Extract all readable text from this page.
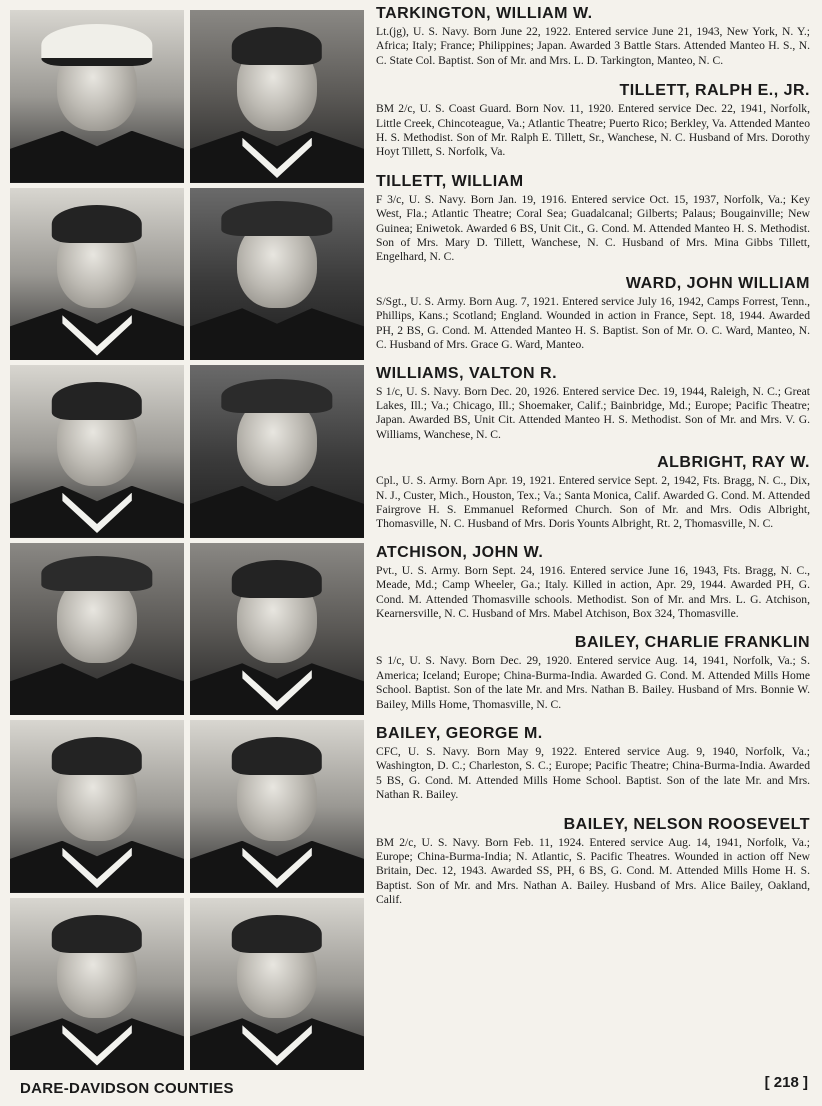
TARKINGTON, WILLIAM W.

Lt.(jg), U. S. Navy. Born June 22, 1922. Entered service June 21, 1943, New York, N. Y.; Africa; Italy; France; Philippines; Japan. Awarded 3 Battle Stars. Attended Manteo H. S., N. C. State Col. Baptist. Son of Mr. and Mrs. L. D. Tarkington, Manteo, N. C.

TILLETT, RALPH E., JR.

BM 2/c, U. S. Coast Guard. Born Nov. 11, 1920. Entered service Dec. 22, 1941, Norfolk, Little Creek, Chincoteague, Va.; Atlantic Theatre; Puerto Rico; Berkley, Va. Attended Manteo H. S. Methodist. Son of Mr. Ralph E. Tillett, Sr., Wanchese, N. C. Husband of Mrs. Dorothy Hoyt Tillett, S. Norfolk, Va.

TILLETT, WILLIAM

F 3/c, U. S. Navy. Born Jan. 19, 1916. Entered service Oct. 15, 1937, Norfolk, Va.; Key West, Fla.; Atlantic Theatre; Coral Sea; Guadalcanal; Gilberts; Palaus; Bougainville; New Guinea; Eniwetok. Awarded 6 BS, Unit Cit., G. Cond. M. Attended Manteo H. S. Methodist. Son of Mrs. Mary D. Tillett, Wanchese, N. C. Husband of Mrs. Mina Gibbs Tillett, Engelhard, N. C.

WARD, JOHN WILLIAM

S/Sgt., U. S. Army. Born Aug. 7, 1921. Entered service July 16, 1942, Camps Forrest, Tenn., Phillips, Kans.; Scotland; England. Wounded in action in France, Sept. 18, 1944. Awarded PH, 2 BS, G. Cond. M. Attended Manteo H. S. Baptist. Son of Mr. O. C. Ward, Manteo, N. C. Husband of Mrs. Grace G. Ward, Manteo.

WILLIAMS, VALTON R.

S 1/c, U. S. Navy. Born Dec. 20, 1926. Entered service Dec. 19, 1944, Raleigh, N. C.; Great Lakes, Ill.; Va.; Chicago, Ill.; Shoemaker, Calif.; Bainbridge, Md.; Europe; Pacific Theatre; Japan. Awarded BS, Unit Cit. Attended Manteo H. S. Methodist. Son of Mr. and Mrs. V. G. Williams, Wanchese, N. C.

ALBRIGHT, RAY W.

Cpl., U. S. Army. Born Apr. 19, 1921. Entered service Sept. 2, 1942, Fts. Bragg, N. C., Dix, N. J., Custer, Mich., Houston, Tex.; Va.; Santa Monica, Calif. Awarded G. Cond. M. Attended Fairgrove H. S. Emmanuel Reformed Church. Son of Mr. and Mrs. Odis Albright, Thomasville, N. C. Husband of Mrs. Doris Younts Albright, Rt. 2, Thomasville, N. C.

ATCHISON, JOHN W.

Pvt., U. S. Army. Born Sept. 24, 1916. Entered service June 16, 1943, Fts. Bragg, N. C., Meade, Md.; Camp Wheeler, Ga.; Italy. Killed in action, Apr. 29, 1944. Awarded PH, G. Cond. M. Attended Thomasville schools. Methodist. Son of Mr. and Mrs. L. G. Atchison, Kearnersville, N. C. Husband of Mrs. Mabel Atchison, Box 324, Thomasville.

BAILEY, CHARLIE FRANKLIN

S 1/c, U. S. Navy. Born Dec. 29, 1920. Entered service Aug. 14, 1941, Norfolk, Va.; S. America; Iceland; Europe; China-Burma-India. Awarded G. Cond. M. Attended Mills Home School. Baptist. Son of the late Mr. and Mrs. Nathan B. Bailey. Husband of Mrs. Bonnie W. Bailey, Mills Home, Thomasville, N. C.

BAILEY, GEORGE M.

CFC, U. S. Navy. Born May 9, 1922. Entered service Aug. 9, 1940, Norfolk, Va.; Washington, D. C.; Charleston, S. C.; Europe; Pacific Theatre; China-Burma-India. Awarded 5 BS, G. Cond. M. Attended Mills Home School. Baptist. Son of the late Mr. and Mrs. Nathan R. Bailey.

BAILEY, NELSON ROOSEVELT

BM 2/c, U. S. Navy. Born Feb. 11, 1924. Entered service Aug. 14, 1941, Norfolk, Va.; Europe; China-Burma-India; N. Atlantic, S. Pacific Theatres. Wounded in action off New Britain, Dec. 12, 1943. Awarded SS, PH, 6 BS, G. Cond. M. Attended Mills Home H. S. Baptist. Son of Mr. and Mrs. Nathan A. Bailey. Husband of Mrs. Alice Bailey, Oakland, Calif.

DARE-DAVIDSON COUNTIES	[ 218 ]
